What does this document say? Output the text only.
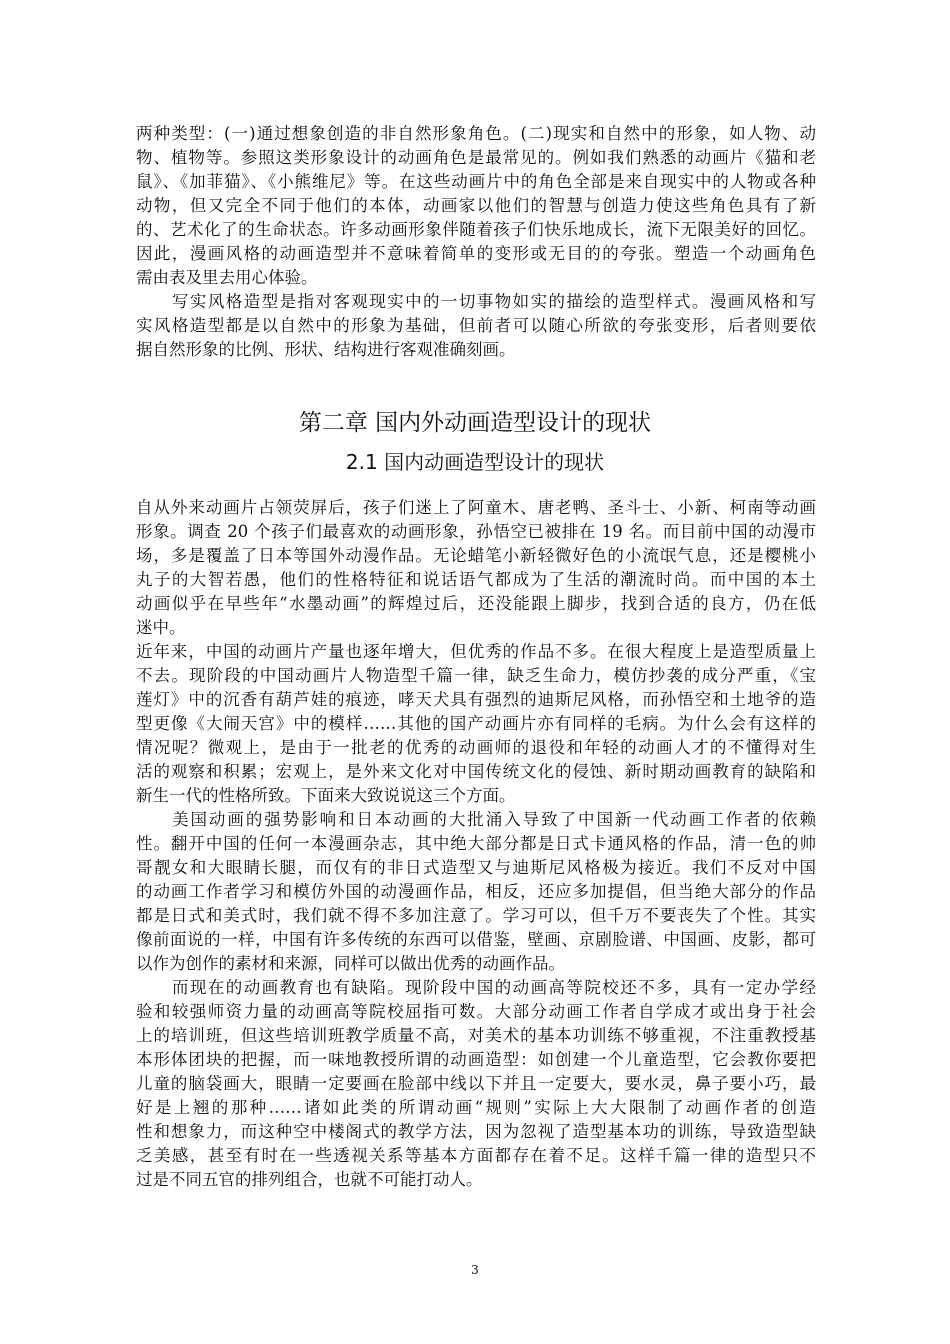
两种类型：(一)通过想象创造的非自然形象角色。(二)现实和自然中的形象，如人物、动
物、植物等。参照这类形象设计的动画角色是最常见的。例如我们熟悉的动画片《猫和老
鼠》、《加菲猫》、《小熊维尼》等。在这些动画片中的角色全部是来自现实中的人物或各种
动物，但又完全不同于他们的本体，动画家以他们的智慧与创造力使这些角色具有了新
的、艺术化了的生命状态。许多动画形象伴随着孩子们快乐地成长，流下无限美好的回忆。
因此，漫画风格的动画造型并不意味着简单的变形或无目的的夸张。塑造一个动画角色
需由表及里去用心体验。

写实风格造型是指对客观现实中的一切事物如实的描绘的造型样式。漫画风格和写
实风格造型都是以自然中的形象为基础，但前者可以随心所欲的夸张变形，后者则要依
据自然形象的比例、形状、结构进行客观准确刻画。

第二章 国内外动画造型设计的现状
2.1 国内动画造型设计的现状

自从外来动画片占领荧屏后，孩子们迷上了阿童木、唐老鸭、圣斗士、小新、柯南等动画
形象。调查 20 个孩子们最喜欢的动画形象，孙悟空已被排在 19 名。而目前中国的动漫市
场，多是覆盖了日本等国外动漫作品。无论蜡笔小新轻微好色的小流氓气息，还是樱桃小
丸子的大智若愚，他们的性格特征和说话语气都成为了生活的潮流时尚。而中国的本土
动画似乎在早些年“水墨动画”的辉煌过后，还没能跟上脚步，找到合适的良方，仍在低
迷中。

近年来，中国的动画片产量也逐年增大，但优秀的作品不多。在很大程度上是造型质量上
不去。现阶段的中国动画片人物造型千篇一律，缺乏生命力，模仿抄袭的成分严重，《宝
莲灯》中的沉香有葫芦娃的痕迹，哮天犬具有强烈的迪斯尼风格，而孙悟空和土地爷的造
型更像《大闹天宫》中的模样……其他的国产动画片亦有同样的毛病。为什么会有这样的
情况呢？微观上，是由于一批老的优秀的动画师的退役和年轻的动画人才的不懂得对生
活的观察和积累；宏观上，是外来文化对中国传统文化的侵蚀、新时期动画教育的缺陷和
新生一代的性格所致。下面来大致说说这三个方面。

美国动画的强势影响和日本动画的大批涌入导致了中国新一代动画工作者的依赖
性。翻开中国的任何一本漫画杂志，其中绝大部分都是日式卡通风格的作品，清一色的帅
哥靓女和大眼睛长腿，而仅有的非日式造型又与迪斯尼风格极为接近。我们不反对中国
的动画工作者学习和模仿外国的动漫画作品，相反，还应多加提倡，但当绝大部分的作品
都是日式和美式时，我们就不得不多加注意了。学习可以，但千万不要丧失了个性。其实
像前面说的一样，中国有许多传统的东西可以借鉴，壁画、京剧脸谱、中国画、皮影，都可
以作为创作的素材和来源，同样可以做出优秀的动画作品。

而现在的动画教育也有缺陷。现阶段中国的动画高等院校还不多，具有一定办学经
验和较强师资力量的动画高等院校屈指可数。大部分动画工作者自学成才或出身于社会
上的培训班，但这些培训班教学质量不高，对美术的基本功训练不够重视，不注重教授基
本形体团块的把握，而一味地教授所谓的动画造型：如创建一个儿童造型，它会教你要把
儿童的脑袋画大，眼睛一定要画在脸部中线以下并且一定要大，要水灵，鼻子要小巧，最
好是上翘的那种……诸如此类的所谓动画“规则”实际上大大限制了动画作者的创造
性和想象力，而这种空中楼阁式的教学方法，因为忽视了造型基本功的训练，导致造型缺
乏美感，甚至有时在一些透视关系等基本方面都存在着不足。这样千篇一律的造型只不
过是不同五官的排列组合，也就不可能打动人。

3
